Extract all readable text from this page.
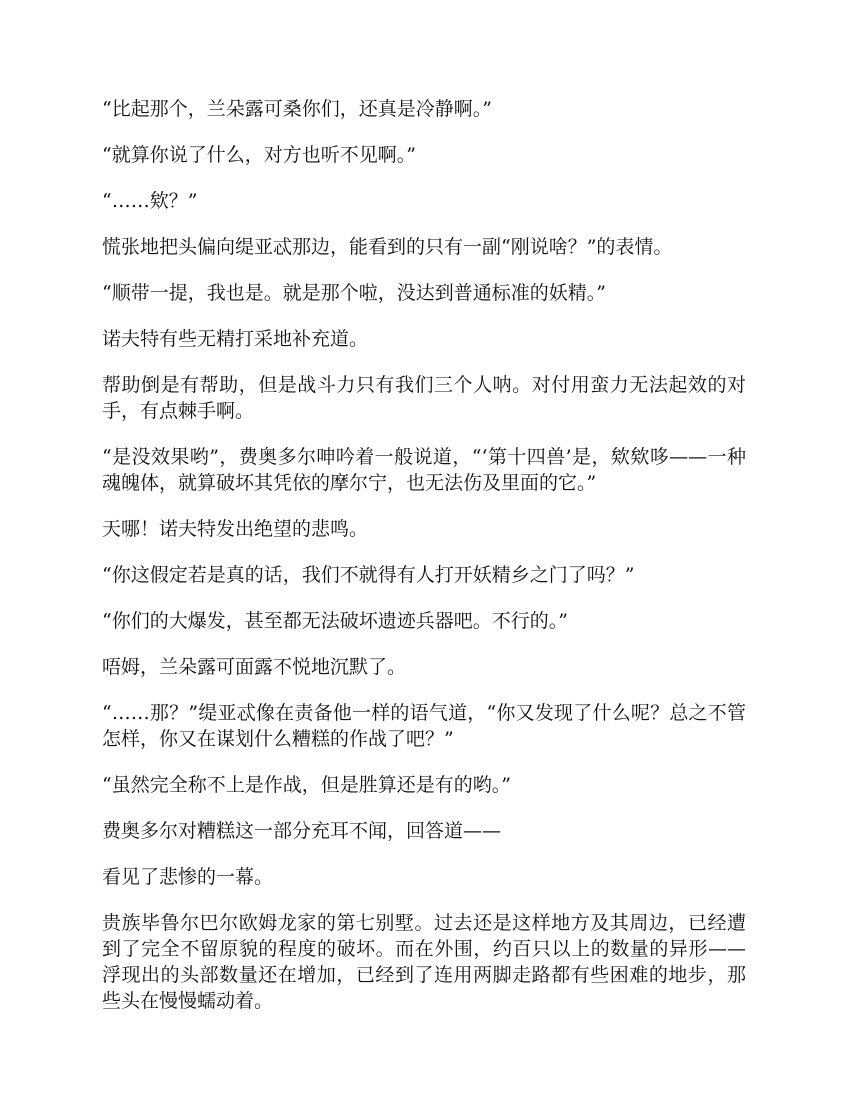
“比起那个，兰朵露可桑你们，还真是冷静啊。”

“就算你说了什么，对方也听不见啊。”

“……欸？”

慌张地把头偏向缇亚忒那边，能看到的只有一副“刚说啥？”的表情。

“顺带一提，我也是。就是那个啦，没达到普通标准的妖精。”

诺夫特有些无精打采地补充道。

帮助倒是有帮助，但是战斗力只有我们三个人呐。对付用蛮力无法起效的对手，有点棘手啊。

“是没效果哟”，费奥多尔呻吟着一般说道，“‘第十四兽’是，欸欸哆——一种魂魄体，就算破坏其凭依的摩尔宁，也无法伤及里面的它。”

天哪！诺夫特发出绝望的悲鸣。

“你这假定若是真的话，我们不就得有人打开妖精乡之门了吗？”

“你们的大爆发，甚至都无法破坏遗迹兵器吧。不行的。”

唔姆，兰朵露可面露不悦地沉默了。

“……那？”缇亚忒像在责备他一样的语气道，“你又发现了什么呢？总之不管怎样，你又在谋划什么糟糕的作战了吧？”

“虽然完全称不上是作战，但是胜算还是有的哟。”

费奥多尔对糟糕这一部分充耳不闻，回答道——

看见了悲惨的一幕。

贵族毕鲁尔巴尔欧姆龙家的第七别墅。过去还是这样地方及其周边，已经遭到了完全不留原貌的程度的破坏。而在外围，约百只以上的数量的异形——浮现出的头部数量还在增加，已经到了连用两脚走路都有些困难的地步，那些头在慢慢蠕动着。
